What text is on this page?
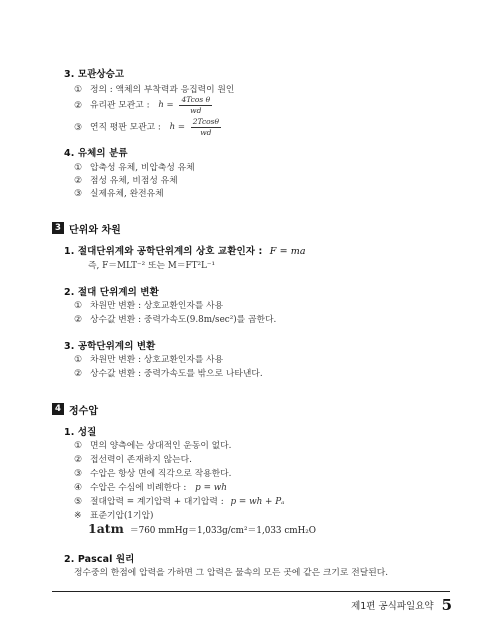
3. 모관상승고
① 정의 : 액체의 부착력과 응집력이 원인
② 유리관 모관고 : $h = \frac{\text{4Tcos θ}}{wd}$
③ 연직 평판 모관고 : $h = \frac{2Tcos\theta}{wd}$
4. 유체의 분류
① 압축성 유체, 비압축성 유체
② 점성 유체, 비점성 유체
③ 실제유체, 완전유체
3 단위와 차원
1. 절대단위계와 공학단위계의 상호 교환인자 : F = ma
즉, F＝MLT⁻² 또는 M＝FT²L⁻¹
2. 절대 단위계의 변환
① 차원만 변환 : 상호교환인자를 사용
② 상수값 변환 : 중력가속도(9.8m/sec²)를 곱한다.
3. 공학단위계의 변환
① 차원만 변환 : 상호교환인자를 사용
② 상수값 변환 : 중력가속도를 밖으로 나타낸다.
4 정수압
1. 성질
① 면의 양측에는 상대적인 운동이 없다.
② 접선력이 존재하지 않는다.
③ 수압은 항상 면에 직각으로 작용한다.
④ 수압은 수심에 비례한다 : p = wh
⑤ 절대압력 = 계기압력 + 대기압력 : p = wh + Pₐ
※ 표준기압(1기압)
1atm ＝760 mmHg＝1,033g/cm²＝1,033 cmH₂O
2. Pascal 원리
정수중의 한점에 압력을 가하면 그 압력은 물속의 모든 곳에 같은 크기로 전달된다.
제1편 공식파일요약 5
